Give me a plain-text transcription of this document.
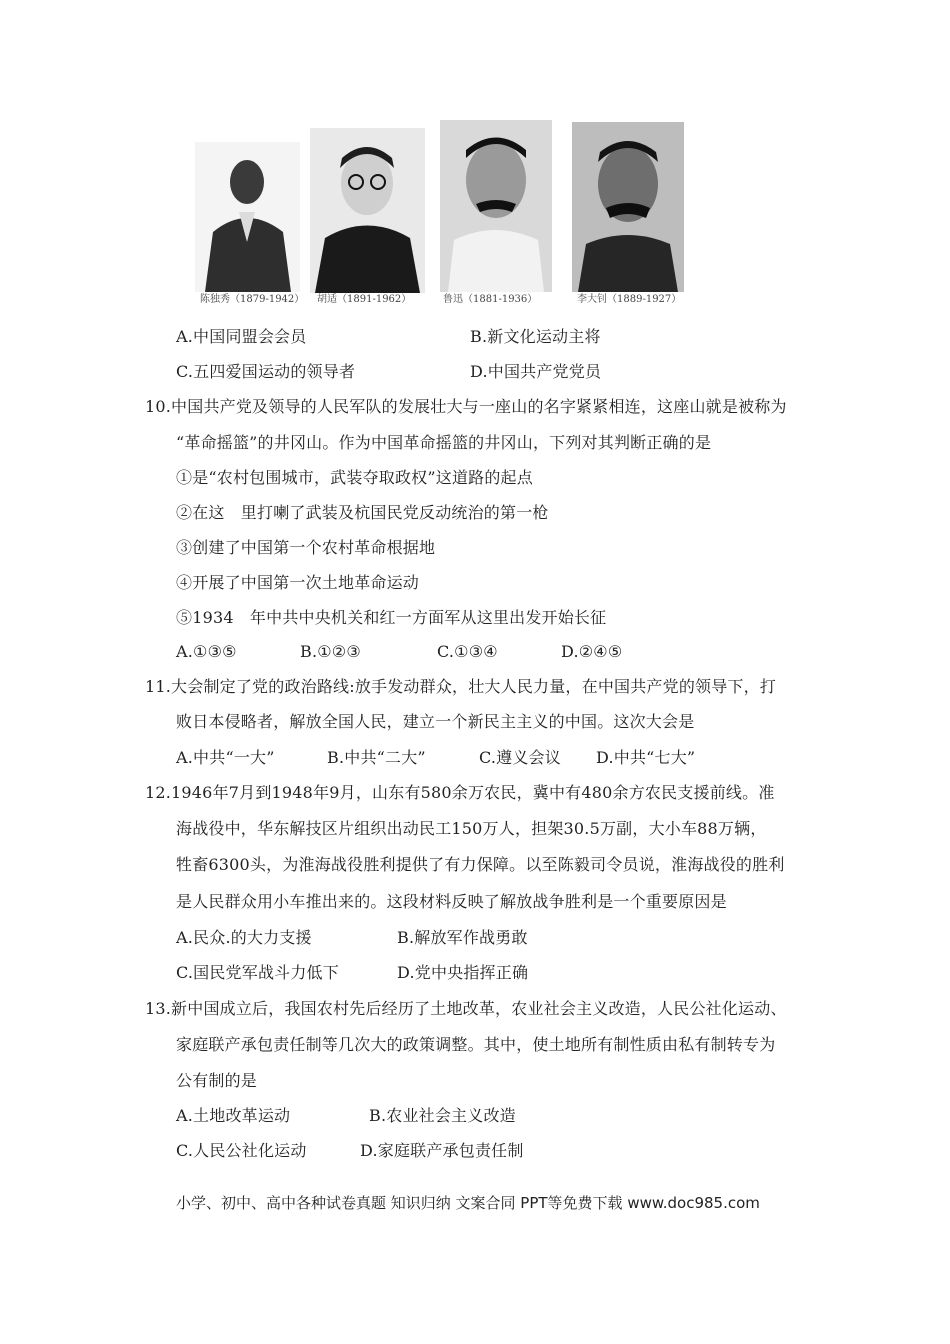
陈独秀（1879-1942） 胡适（1891-1962）	鲁迅（1881-1936）	李大钊（1889-1927）
A.中国同盟会会员	B.新文化运动主将
C.五四爱国运动的领导者	D.中国共产党党员
10.中国共产党及领导的人民军队的发展壮大与一座山的名字紧紧相连，这座山就是被称为
“革命摇篮”的井冈山。作为中国革命摇篮的井冈山，下列对其判断正确的是
①是“农村包围城市，武装夺取政权”这道路的起点
②在这　里打喇了武装及杭国民党反动统治的第一枪
③创建了中国第一个农村革命根据地
④开展了中国第一次土地革命运动
⑤1934　年中共中央机关和红一方面军从这里出发开始长征
A.①③⑤	B.①②③	C.①③④	D.②④⑤
11.大会制定了党的政治路线:放手发动群众，壮大人民力量，在中国共产党的领导下，打
败日本侵略者，解放全国人民，建立一个新民主主义的中国。这次大会是
A.中共“一大”	B.中共“二大”	C.遵义会议 D.中共“七大”
12.1946年7月到1948年9月，山东有580余万农民，冀中有480余方农民支援前线。准
海战役中，华东解技区片组织出动民工150万人，担架30.5万副，大小车88万辆，
牲畜6300头，为淮海战役胜利提供了有力保障。以至陈毅司令员说，淮海战役的胜利
是人民群众用小车推出来的。这段材料反映了解放战争胜利是一个重要原因是
A.民众.的大力支援	B.解放军作战勇敢
C.国民党军战斗力低下	D.党中央指挥正确
13.新中国成立后，我国农村先后经历了土地改革，农业社会主义改造，人民公社化运动、
家庭联产承包责任制等几次大的政策调整。其中，使土地所有制性质由私有制转专为
公有制的是
A.土地改革运动	B.农业社会主义改造
C.人民公社化运动	D.家庭联产承包责任制
小学、初中、高中各种试卷真题 知识归纳 文案合同 PPT等免费下载 www.doc985.com
